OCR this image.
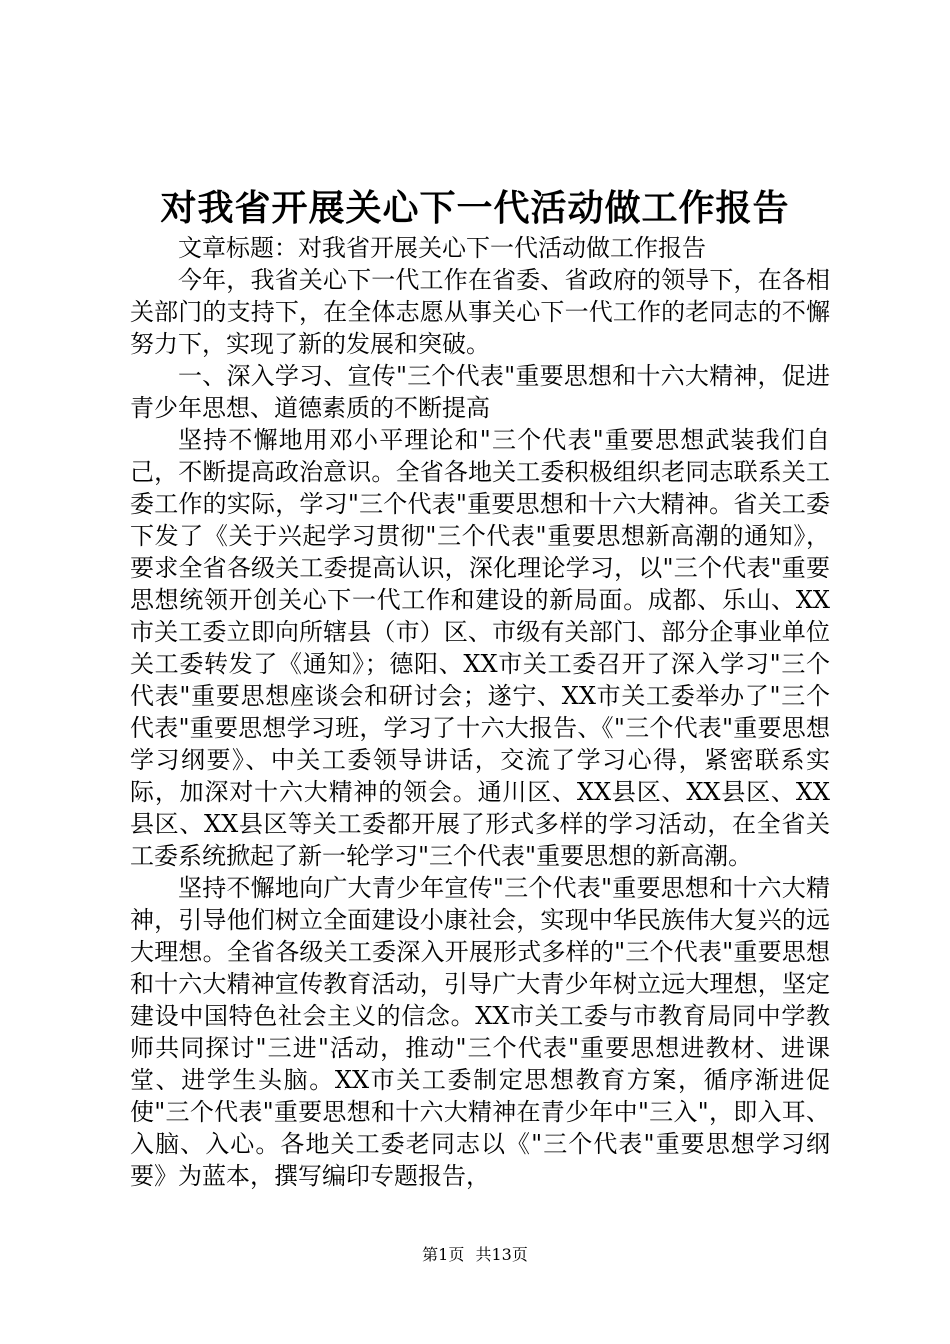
对我省开展关心下一代活动做工作报告

文章标题：对我省开展关心下一代活动做工作报告

今年，我省关心下一代工作在省委、省政府的领导下，在各相关部门的支持下，在全体志愿从事关心下一代工作的老同志的不懈努力下，实现了新的发展和突破。

一、深入学习、宣传"三个代表"重要思想和十六大精神，促进青少年思想、道德素质的不断提高

坚持不懈地用邓小平理论和"三个代表"重要思想武装我们自己，不断提高政治意识。全省各地关工委积极组织老同志联系关工委工作的实际，学习"三个代表"重要思想和十六大精神。省关工委下发了《关于兴起学习贯彻"三个代表"重要思想新高潮的通知》，要求全省各级关工委提高认识，深化理论学习，以"三个代表"重要思想统领开创关心下一代工作和建设的新局面。成都、乐山、XX市关工委立即向所辖县（市）区、市级有关部门、部分企事业单位关工委转发了《通知》；德阳、XX市关工委召开了深入学习"三个代表"重要思想座谈会和研讨会；遂宁、XX市关工委举办了"三个代表"重要思想学习班，学习了十六大报告、《"三个代表"重要思想学习纲要》、中关工委领导讲话，交流了学习心得，紧密联系实际，加深对十六大精神的领会。通川区、XX县区、XX县区、XX县区、XX县区等关工委都开展了形式多样的学习活动，在全省关工委系统掀起了新一轮学习"三个代表"重要思想的新高潮。

坚持不懈地向广大青少年宣传"三个代表"重要思想和十六大精神，引导他们树立全面建设小康社会，实现中华民族伟大复兴的远大理想。全省各级关工委深入开展形式多样的"三个代表"重要思想和十六大精神宣传教育活动，引导广大青少年树立远大理想，坚定建设中国特色社会主义的信念。XX市关工委与市教育局同中学教师共同探讨"三进"活动，推动"三个代表"重要思想进教材、进课堂、进学生头脑。XX市关工委制定思想教育方案，循序渐进促使"三个代表"重要思想和十六大精神在青少年中"三入"，即入耳、入脑、入心。各地关工委老同志以《"三个代表"重要思想学习纲要》为蓝本，撰写编印专题报告，

第1页 共13页
